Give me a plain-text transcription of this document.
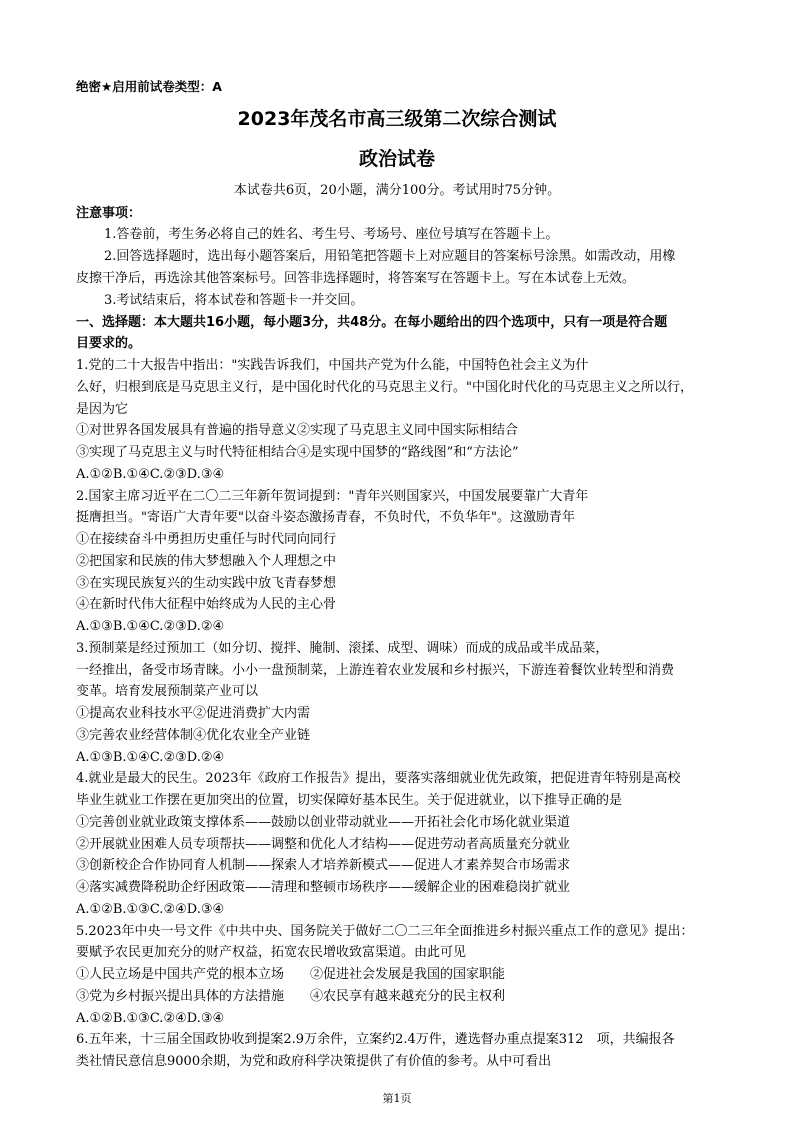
绝密★启用前试卷类型：A
2023年茂名市高三级第二次综合测试
政治试卷
本试卷共6页，20小题，满分100分。考试用时75分钟。
注意事项：
1.答卷前，考生务必将自己的姓名、考生号、考场号、座位号填写在答题卡上。
2.回答选择题时，选出每小题答案后，用铅笔把答题卡上对应题目的答案标号涂黑。如需改动，用橡
皮擦干净后，再选涂其他答案标号。回答非选择题时，将答案写在答题卡上。写在本试卷上无效。
3.考试结束后，将本试卷和答题卡一并交回。
一、选择题：本大题共16小题，每小题3分，共48分。在每小题给出的四个选项中，只有一项是符合题
目要求的。
1.党的二十大报告中指出："实践告诉我们，中国共产党为什么能，中国特色社会主义为什
么好，归根到底是马克思主义行，是中国化时代化的马克思主义行。"中国化时代化的马克思主义之所以行，
是因为它
①对世界各国发展具有普遍的指导意义②实现了马克思主义同中国实际相结合
③实现了马克思主义与时代特征相结合④是实现中国梦的“路线图”和“方法论”
A.①②B.①④C.②③D.③④
2.国家主席习近平在二〇二三年新年贺词提到："青年兴则国家兴，中国发展要靠广大青年
挺膺担当。"寄语广大青年要"以奋斗姿态激扬青春，不负时代，不负华年"。这激励青年
①在接续奋斗中勇担历史重任与时代同向同行
②把国家和民族的伟大梦想融入个人理想之中
③在实现民族复兴的生动实践中放飞青春梦想
④在新时代伟大征程中始终成为人民的主心骨
A.①③B.①④C.②③D.②④
3.预制菜是经过预加工（如分切、搅拌、腌制、滚揉、成型、调味）而成的成品或半成品菜，
一经推出，备受市场青睐。小小一盘预制菜，上游连着农业发展和乡村振兴，下游连着餐饮业转型和消费
变革。培育发展预制菜产业可以
①提高农业科技水平②促进消费扩大内需
③完善农业经营体制④优化农业全产业链
A.①③B.①④C.②③D.②④
4.就业是最大的民生。2023年《政府工作报告》提出，要落实落细就业优先政策，把促进青年特别是高校
毕业生就业工作摆在更加突出的位置，切实保障好基本民生。关于促进就业，以下推导正确的是
①完善创业就业政策支撑体系——鼓励以创业带动就业——开拓社会化市场化就业渠道
②开展就业困难人员专项帮扶——调整和优化人才结构——促进劳动者高质量充分就业
③创新校企合作协同育人机制——探索人才培养新模式——促进人才素养契合市场需求
④落实减费降税助企纾困政策——清理和整顿市场秩序——缓解企业的困难稳岗扩就业
A.①②B.①③C.②④D.③④
5.2023年中央一号文件《中共中央、国务院关于做好二〇二三年全面推进乡村振兴重点工作的意见》提出：
要赋予农民更加充分的财产权益，拓宽农民增收致富渠道。由此可见
①人民立场是中国共产党的根本立场　　②促进社会发展是我国的国家职能
③党为乡村振兴提出具体的方法措施　　④农民享有越来越充分的民主权利
A.①②B.①③C.②④D.③④
6.五年来，十三届全国政协收到提案2.9万余件，立案约2.4万件，遴选督办重点提案312　项，共编报各
类社情民意信息9000余期，为党和政府科学决策提供了有价值的参考。从中可看出
第1页
